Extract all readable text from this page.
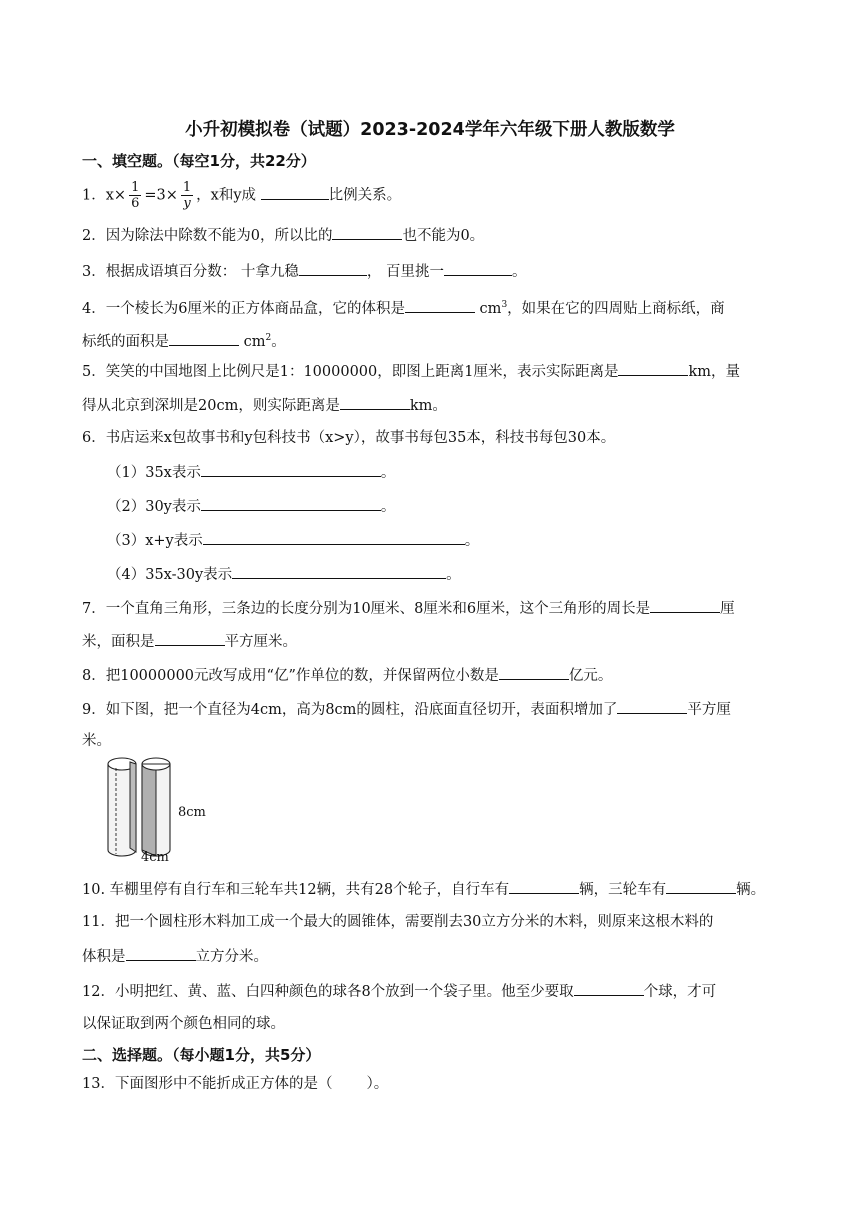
小升初模拟卷（试题）2023-2024学年六年级下册人教版数学
一、填空题。（每空1分，共22分）
1．$x\times \frac{1}{6} =3\times \frac{1}{y}$ ，x和y成	比例关系。
2．因为除法中除数不能为0，所以比的	也不能为0。
3．根据成语填百分数： 十拿九稳	， 百里挑一	。
4．一个棱长为6厘米的正方体商品盒，它的体积是	$cm^3$，如果在它的四周贴上商标纸，商
标纸的面积是	$cm^2$。
5．笑笑的中国地图上比例尺是1：10000000，即图上距离1厘米，表示实际距离是	km，量
得从北京到深圳是20cm，则实际距离是	km。
6．书店运来x包故事书和y包科技书（x>y），故事书每包35本，科技书每包30本。
（1）35x表示	。
（2）30y表示	。
（3）x+y表示	。
（4）35x-30y表示	。
7．一个直角三角形，三条边的长度分别为10厘米、8厘米和6厘米，这个三角形的周长是	厘
米，面积是	平方厘米。
8．把10000000元改写成用“亿”作单位的数，并保留两位小数是	亿元。
9．如下图，把一个直径为4cm，高为8cm的圆柱，沿底面直径切开，表面积增加了	平方厘
米。
8cm
4cm
10. 车棚里停有自行车和三轮车共12辆，共有28个轮子，自行车有	辆，三轮车有	辆。
11．把一个圆柱形木料加工成一个最大的圆锥体，需要削去30立方分米的木料，则原来这根木料的
体积是	立方分米。
12．小明把红、黄、蓝、白四种颜色的球各8个放到一个袋子里。他至少要取	个球，才可
以保证取到两个颜色相同的球。
二、选择题。（每小题1分，共5分）
13．下面图形中不能折成正方体的是（ ）。
